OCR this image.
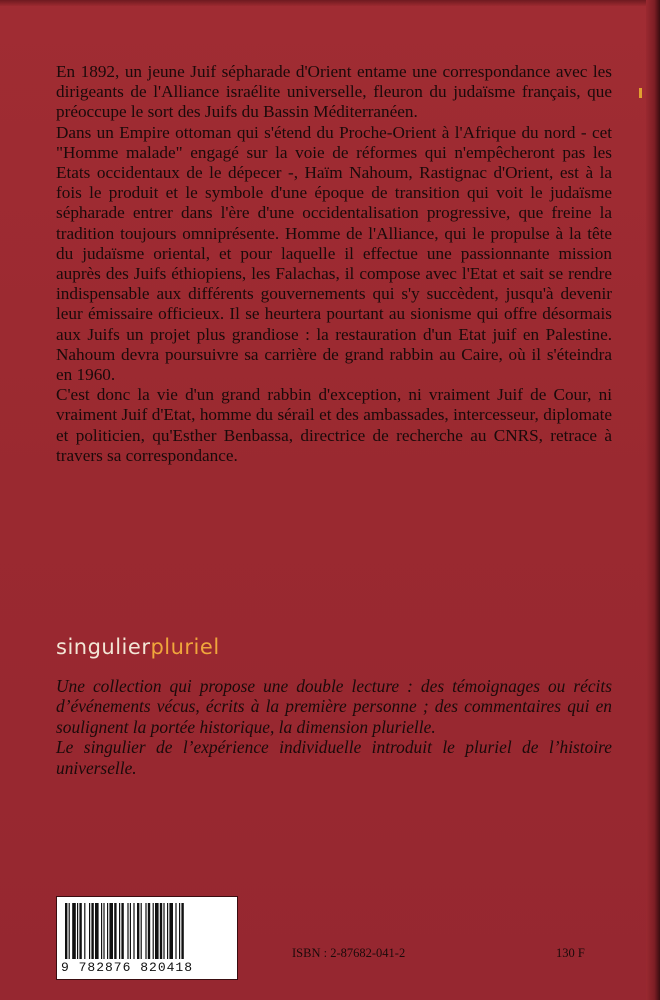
En 1892, un jeune Juif sépharade d'Orient entame une correspondance avec les dirigeants de l'Alliance israélite universelle, fleuron du judaïsme français, que préoccupe le sort des Juifs du Bassin Méditerranéen.

Dans un Empire ottoman qui s'étend du Proche-Orient à l'Afrique du nord - cet "Homme malade" engagé sur la voie de réformes qui n'empêcheront pas les Etats occidentaux de le dépecer -, Haïm Nahoum, Rastignac d'Orient, est à la fois le produit et le symbole d'une époque de transition qui voit le judaïsme sépharade entrer dans l'ère d'une occidentalisation progressive, que freine la tradition toujours omniprésente. Homme de l'Alliance, qui le propulse à la tête du judaïsme oriental, et pour laquelle il effectue une passionnante mission auprès des Juifs éthiopiens, les Falachas, il compose avec l'Etat et sait se rendre indispensable aux différents gouvernements qui s'y succèdent, jusqu'à devenir leur émissaire officieux. Il se heurtera pourtant au sionisme qui offre désormais aux Juifs un projet plus grandiose : la restauration d'un Etat juif en Palestine. Nahoum devra poursuivre sa carrière de grand rabbin au Caire, où il s'éteindra en 1960.

C'est donc la vie d'un grand rabbin d'exception, ni vraiment Juif de Cour, ni vraiment Juif d'Etat, homme du sérail et des ambassades, intercesseur, diplomate et politicien, qu'Esther Benbassa, directrice de recherche au CNRS, retrace à travers sa correspondance.

singulierpluriel

Une collection qui propose une double lecture : des témoignages ou récits d’événements vécus, écrits à la première personne ; des commentaires qui en soulignent la portée historique, la dimension plurielle.

Le singulier de l’expérience individuelle introduit le pluriel de l’histoire universelle.

9 782876 820418
ISBN : 2-87682-041-2	130 F
